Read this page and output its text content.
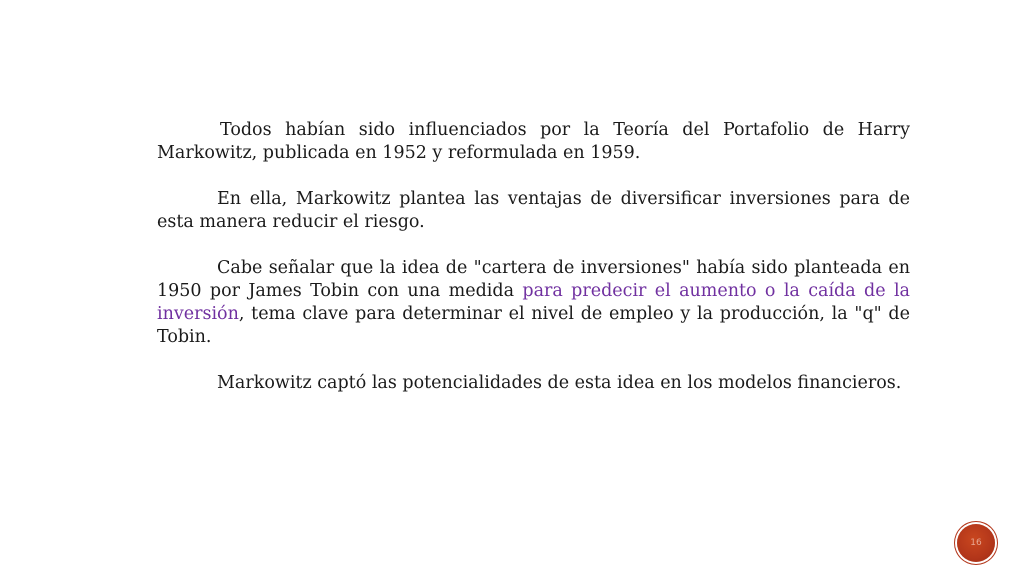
Todos habían sido influenciados por la Teoría del Portafolio de Harry Markowitz, publicada en 1952 y reformulada en 1959.

En ella, Markowitz plantea las ventajas de diversificar inversiones para de esta manera reducir el riesgo.

Cabe señalar que la idea de "cartera de inversiones" había sido planteada en 1950 por James Tobin con una medida para predecir el aumento o la caída de la inversión, tema clave para determinar el nivel de empleo y la producción, la "q" de Tobin.

Markowitz captó las potencialidades de esta idea en los modelos financieros.

16
